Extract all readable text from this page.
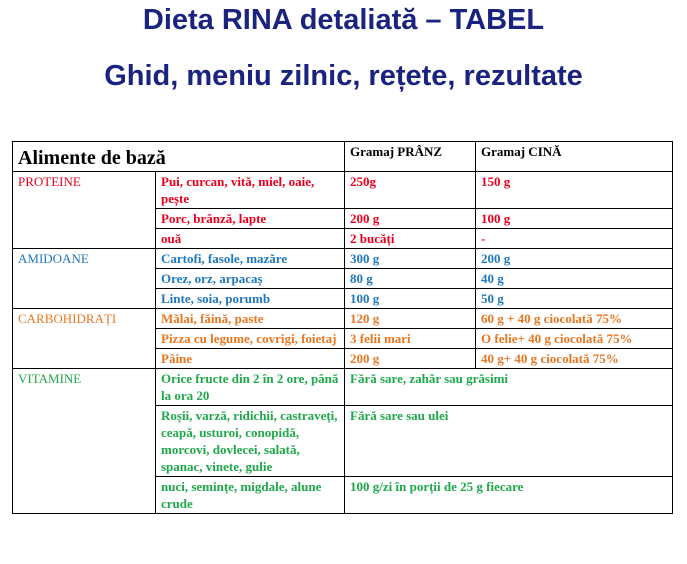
Dieta RINA detaliată – TABEL
Ghid, meniu zilnic, rețete, rezultate
Alimente de bază		Gramaj PRÂNZ	Gramaj CINĂ
PROTEINE	Pui, curcan, vită, miel, oaie, pește	250g	150 g
	Porc, brânză, lapte	200 g	100 g
	ouă	2 bucăți	-
AMIDOANE	Cartofi, fasole, mazăre	300 g	200 g
	Orez, orz, arpacaș	80 g	40 g
	Linte, soia, porumb	100 g	50 g
CARBOHIDRAȚI	Mălai, făină, paste	120 g	60 g + 40 g ciocolată 75%
	Pizza cu legume, covrigi, foietaj	3 felii mari	O felie+ 40 g ciocolată 75%
	Pâine	200 g	40 g+ 40 g ciocolată 75%
VITAMINE	Orice fructe din 2 în 2 ore, până la ora 20	Fără sare, zahăr sau grăsimi	
	Roșii, varză, ridichii, castraveți, ceapă, usturoi, conopidă, morcovi, dovlecei, salată, spanac, vinete, gulie	Fără sare sau ulei	
	nuci, semințe, migdale, alune crude	100 g/zi în porții de 25 g fiecare	
